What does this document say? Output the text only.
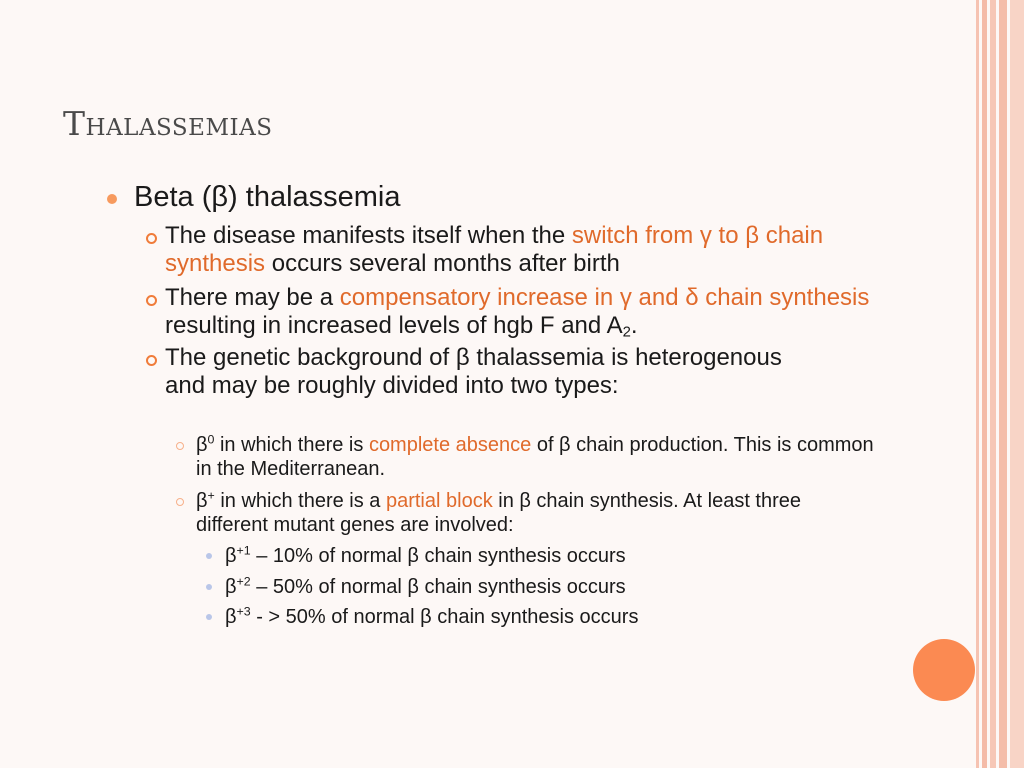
Thalassemias
Beta (β) thalassemia
The disease manifests itself when the switch from γ to β chain synthesis occurs several months after birth
There may be a compensatory increase in γ and δ chain synthesis resulting in increased levels of hgb F and $A_2$.
The genetic background of β thalassemia is heterogenous and may be roughly divided into two types:
$\beta^0$ in which there is complete absence of β chain production. This is common in the Mediterranean.
β+ in which there is a partial block in β chain synthesis. At least three different mutant genes are involved:
$\beta^{+1} - 10\%$ of normal β chain synthesis occurs
$\beta^{+2} - 50\%$ of normal β chain synthesis occurs
$\beta^{+3}$ - > 50% of normal β chain synthesis occurs
